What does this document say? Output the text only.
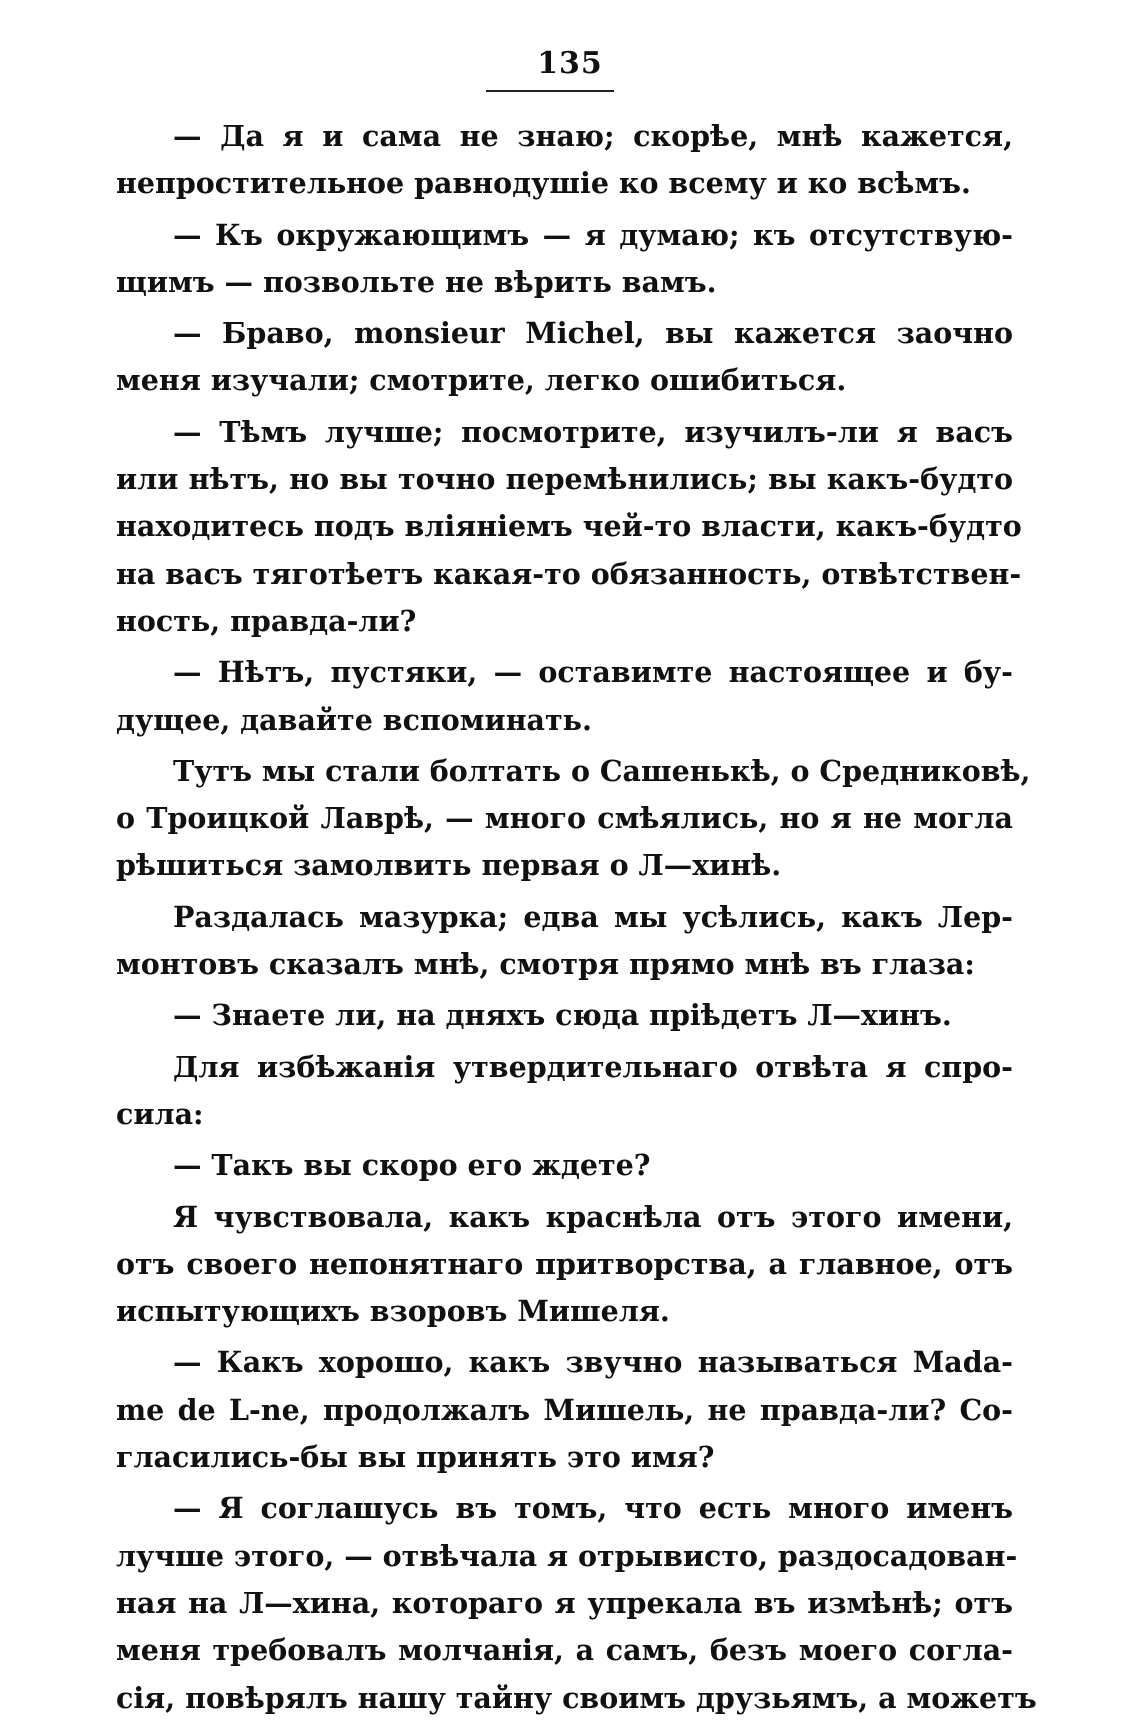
135
— Да я и сама не знаю; скорѣе, мнѣ кажется,
непростительное равнодушіе ко всему и ко всѣмъ.
— Къ окружающимъ — я думаю; къ отсутствую-
щимъ — позвольте не вѣрить вамъ.
— Браво, monsieur Michel, вы кажется заочно
меня изучали; смотрите, легко ошибиться.
— Тѣмъ лучше; посмотрите, изучилъ-ли я васъ
или нѣтъ, но вы точно перемѣнились; вы какъ-будто
находитесь подъ вліяніемъ чей-то власти, какъ-будто
на васъ тяготѣетъ какая-то обязанность, отвѣтствен-
ность, правда-ли?
— Нѣтъ, пустяки, — оставимте настоящее и бу-
дущее, давайте вспоминать.
Тутъ мы стали болтать о Сашенькѣ, о Средниковѣ,
о Троицкой Лаврѣ, — много смѣялись, но я не могла
рѣшиться замолвить первая о Л—хинѣ.
Раздалась мазурка; едва мы усѣлись, какъ Лер-
монтовъ сказалъ мнѣ, смотря прямо мнѣ въ глаза:
— Знаете ли, на дняхъ сюда пріѣдетъ Л—хинъ.
Для избѣжанія утвердительнаго отвѣта я спро-
сила:
— Такъ вы скоро его ждете?
Я чувствовала, какъ краснѣла отъ этого имени,
отъ своего непонятнаго притворства, а главное, отъ
испытующихъ взоровъ Мишеля.
— Какъ хорошо, какъ звучно называться Mada-
me de L-ne, продолжалъ Мишель, не правда-ли? Со-
гласились-бы вы принять это имя?
— Я соглашусь въ томъ, что есть много именъ
лучше этого, — отвѣчала я отрывисто, раздосадован-
ная на Л—хина, котораго я упрекала въ измѣнѣ; отъ
меня требовалъ молчанія, а самъ, безъ моего согла-
сія, повѣрялъ нашу тайну своимъ друзьямъ, а можетъ
